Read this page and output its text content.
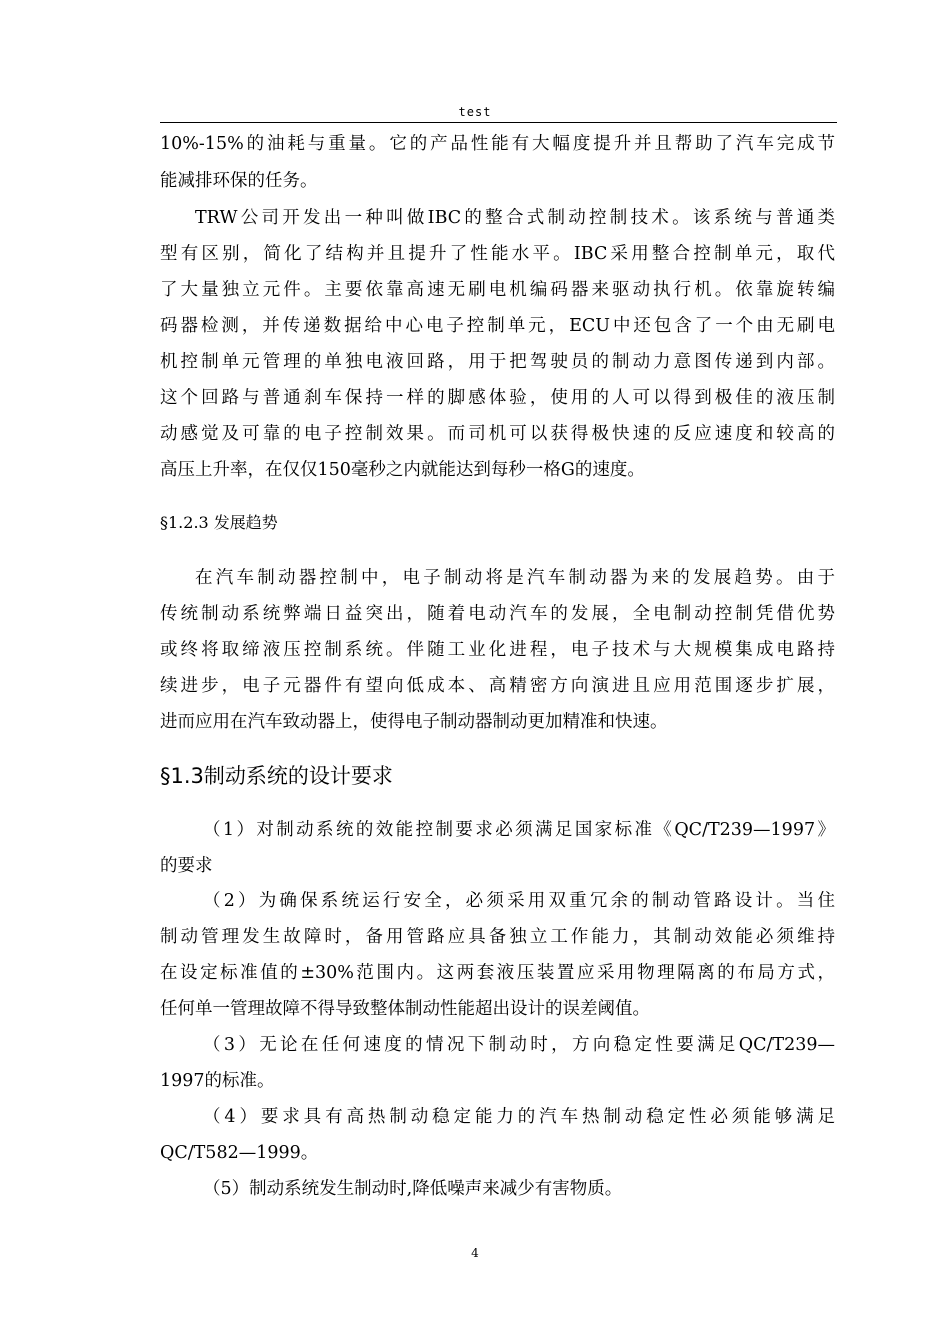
test
10%-15%的油耗与重量。它的产品性能有大幅度提升并且帮助了汽车完成节
能减排环保的任务。
TRW公司开发出一种叫做IBC的整合式制动控制技术。该系统与普通类
型有区别，简化了结构并且提升了性能水平。IBC采用整合控制单元，取代
了大量独立元件。主要依靠高速无刷电机编码器来驱动执行机。依靠旋转编
码器检测，并传递数据给中心电子控制单元，ECU中还包含了一个由无刷电
机控制单元管理的单独电液回路，用于把驾驶员的制动力意图传递到内部。
这个回路与普通刹车保持一样的脚感体验，使用的人可以得到极佳的液压制
动感觉及可靠的电子控制效果。而司机可以获得极快速的反应速度和较高的
高压上升率，在仅仅150毫秒之内就能达到每秒一格G的速度。
§1.2.3 发展趋势
在汽车制动器控制中，电子制动将是汽车制动器为来的发展趋势。由于
传统制动系统弊端日益突出，随着电动汽车的发展，全电制动控制凭借优势
或终将取缔液压控制系统。伴随工业化进程，电子技术与大规模集成电路持
续进步，电子元器件有望向低成本、高精密方向演进且应用范围逐步扩展，
进而应用在汽车致动器上，使得电子制动器制动更加精准和快速。
§1.3制动系统的设计要求
（1）对制动系统的效能控制要求必须满足国家标准《QC/T239—1997》
的要求
（2）为确保系统运行安全，必须采用双重冗余的制动管路设计。当住
制动管理发生故障时，备用管路应具备独立工作能力，其制动效能必须维持
在设定标准值的±30%范围内。这两套液压装置应采用物理隔离的布局方式，
任何单一管理故障不得导致整体制动性能超出设计的误差阈值。
（3）无论在任何速度的情况下制动时，方向稳定性要满足QC/T239—
1997的标准。
（4）要求具有高热制动稳定能力的汽车热制动稳定性必须能够满足
QC/T582—1999。
（5）制动系统发生制动时,降低噪声来减少有害物质。
4
